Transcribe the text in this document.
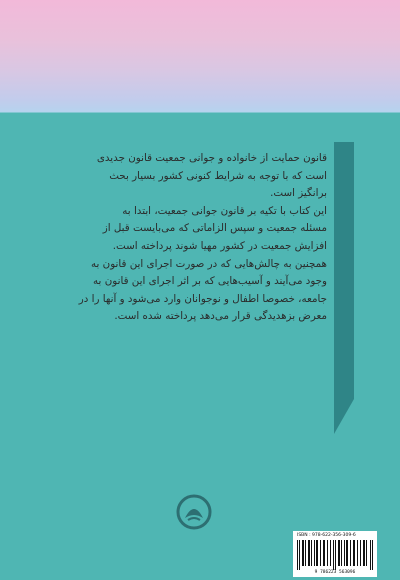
قانون حمایت از خانواده و جوانی جمعیت قانون جدیدی
است که با توجه به شرایط کنونی کشور بسیار بحث
برانگیز است.

این کتاب با تکیه بر قانون جوانی جمعیت، ابتدا به
مسئله جمعیت و سپس الزاماتی که می‌بایست قبل از
افزایش جمعیت در کشور مهیا شوند پرداخته است.

همچنین به چالش‌هایی که در صورت اجرای این قانون به
وجود می‌آیند و آسیب‌هایی که بر اثر اجرای این قانون به
جامعه، خصوصا اطفال و نوجوانان وارد می‌شود و آنها را در
معرض بزهدیدگی قرار می‌دهد پرداخته شده است.

ISBN : 978-622-356-309-6
9 786223 563096
